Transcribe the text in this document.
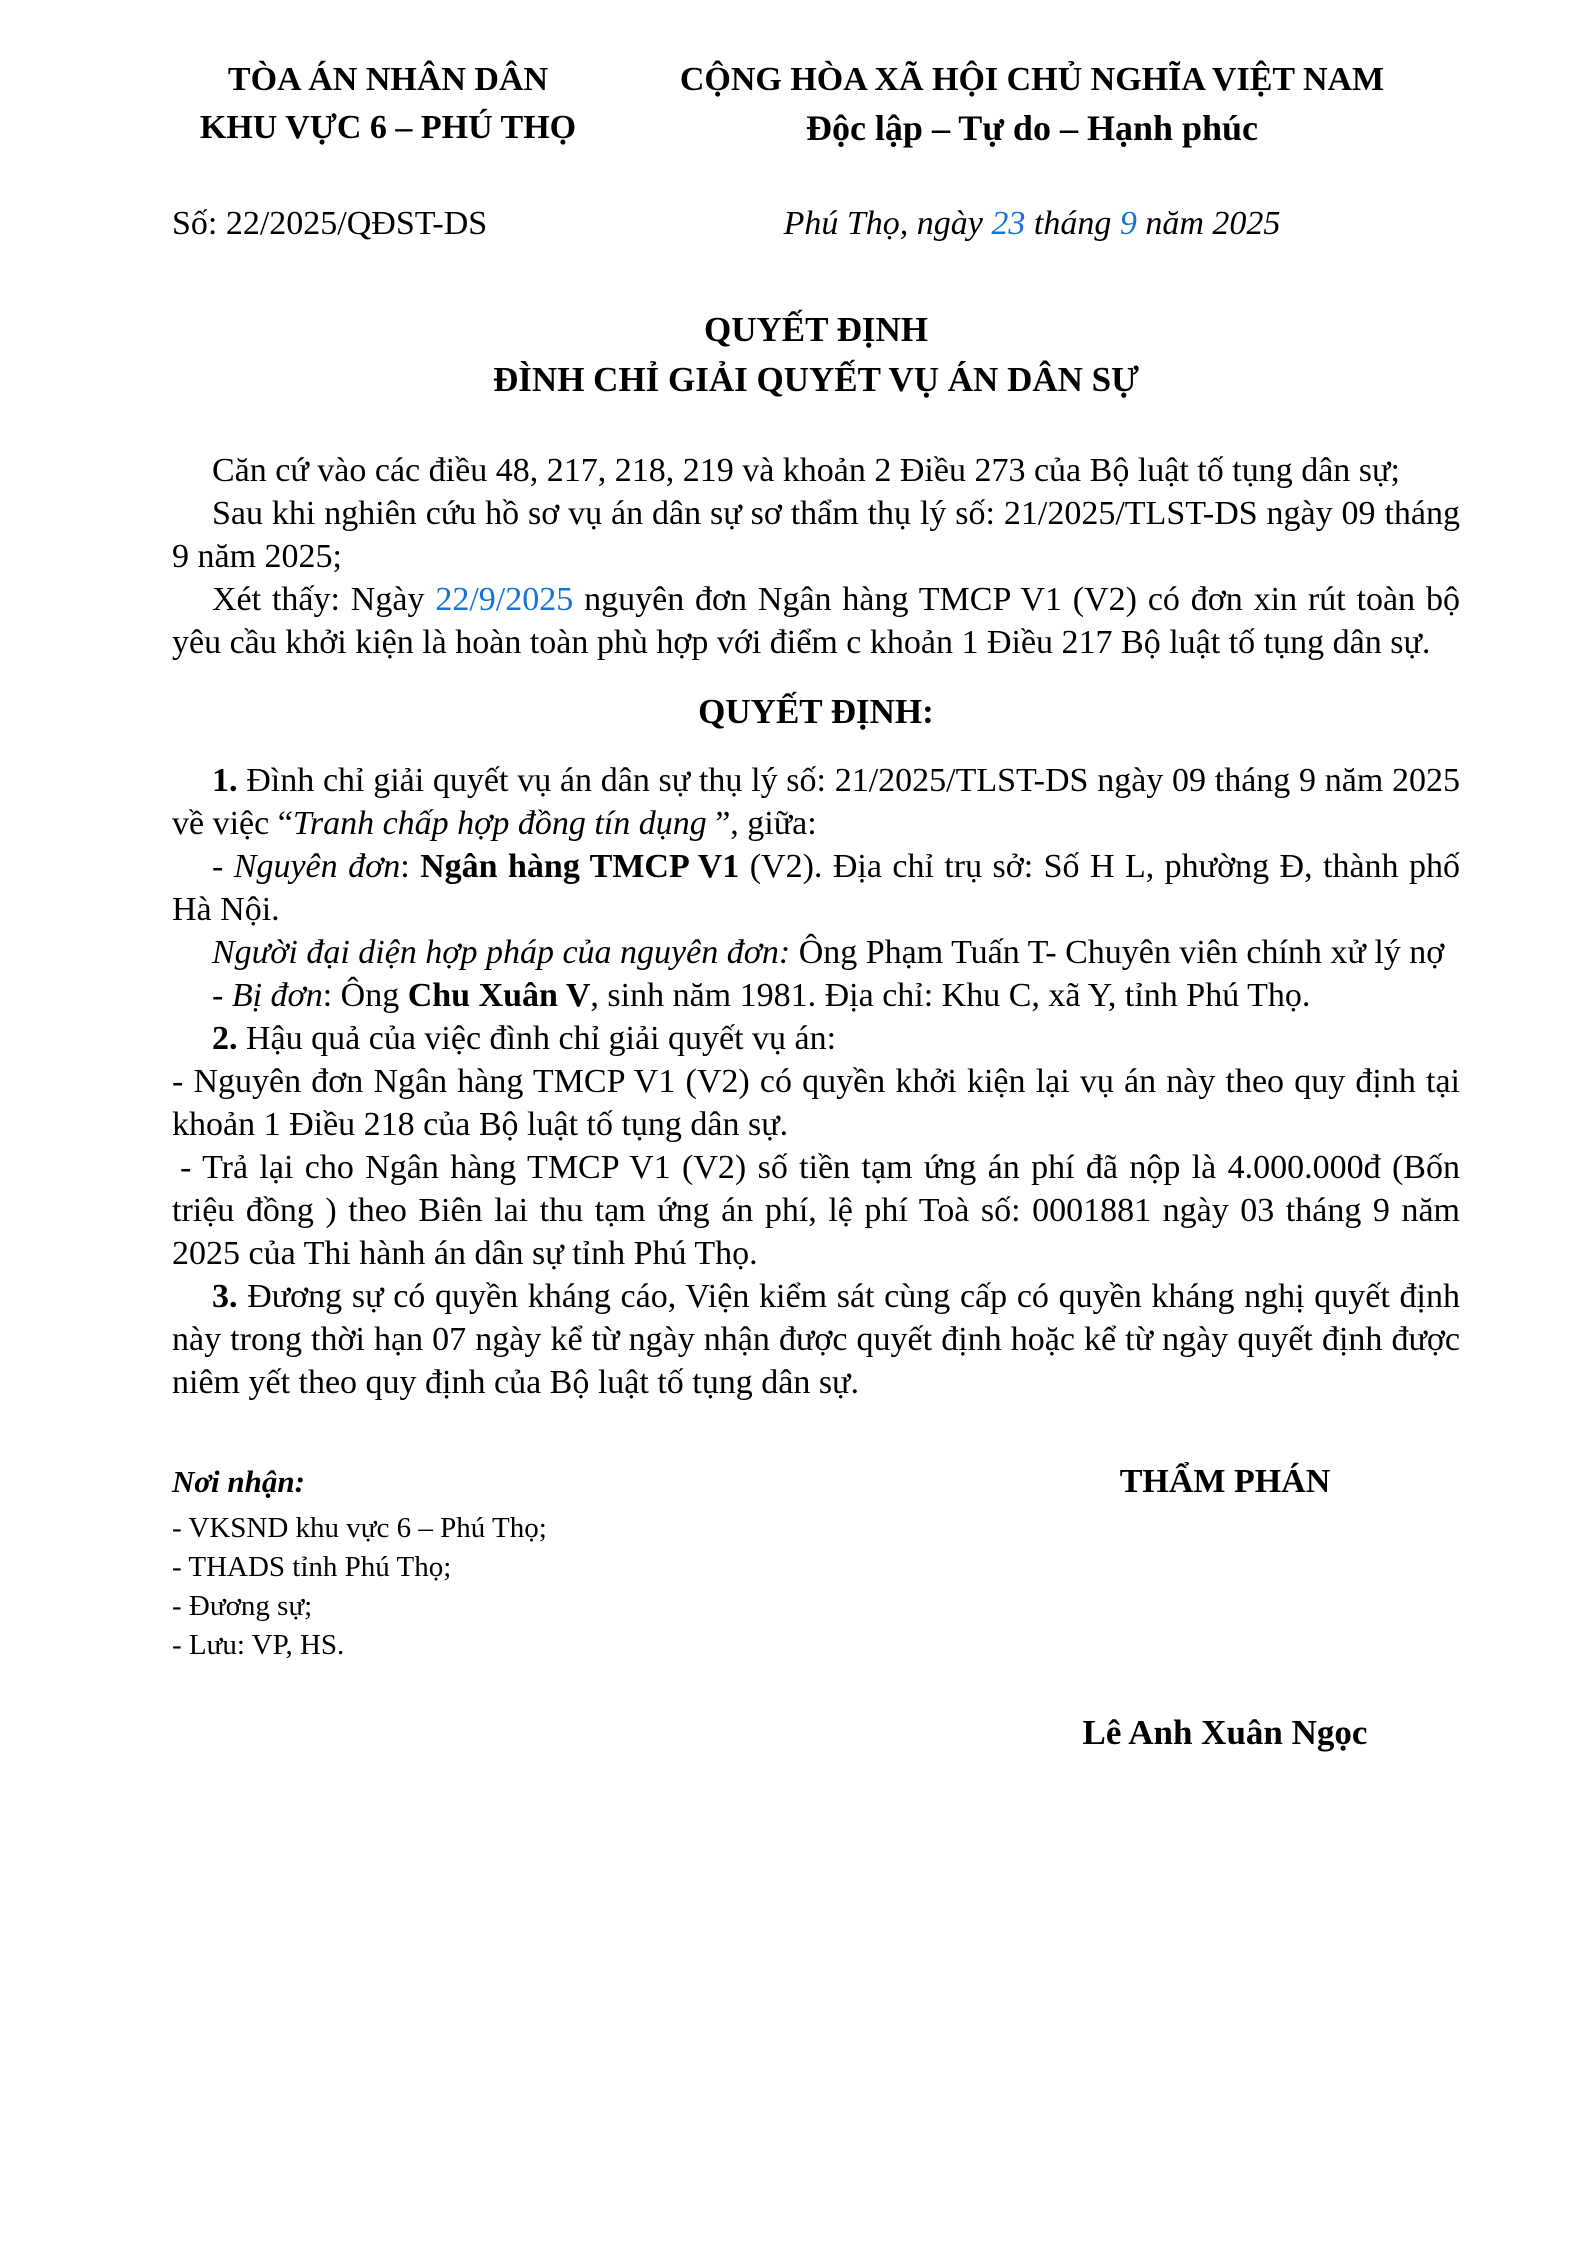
TÒA ÁN NHÂN DÂN
KHU VỰC 6 – PHÚ THỌ
CỘNG HÒA XÃ HỘI CHỦ NGHĨA VIỆT NAM
Độc lập – Tự do – Hạnh phúc
Số: 22/2025/QĐST-DS	Phú Thọ, ngày 23 tháng 9 năm 2025
QUYẾT ĐỊNH
ĐÌNH CHỈ GIẢI QUYẾT VỤ ÁN DÂN SỰ
Căn cứ vào các điều 48, 217, 218, 219 và khoản 2 Điều 273 của Bộ luật tố tụng dân sự;
Sau khi nghiên cứu hồ sơ vụ án dân sự sơ thẩm thụ lý số: 21/2025/TLST-DS ngày 09 tháng 9 năm 2025;
Xét thấy: Ngày 22/9/2025 nguyên đơn Ngân hàng TMCP V1 (V2) có đơn xin rút toàn bộ yêu cầu khởi kiện là hoàn toàn phù hợp với điểm c khoản 1 Điều 217 Bộ luật tố tụng dân sự.
QUYẾT ĐỊNH:
1. Đình chỉ giải quyết vụ án dân sự thụ lý số: 21/2025/TLST-DS ngày 09 tháng 9 năm 2025 về việc “Tranh chấp hợp đồng tín dụng ”, giữa:
- Nguyên đơn: Ngân hàng TMCP V1 (V2). Địa chỉ trụ sở: Số H L, phường Đ, thành phố Hà Nội.
Người đại diện hợp pháp của nguyên đơn: Ông Phạm Tuấn T- Chuyên viên chính xử lý nợ
- Bị đơn: Ông Chu Xuân V, sinh năm 1981. Địa chỉ: Khu C, xã Y, tỉnh Phú Thọ.
2. Hậu quả của việc đình chỉ giải quyết vụ án:
- Nguyên đơn Ngân hàng TMCP V1 (V2) có quyền khởi kiện lại vụ án này theo quy định tại khoản 1 Điều 218 của Bộ luật tố tụng dân sự.
- Trả lại cho Ngân hàng TMCP V1 (V2) số tiền tạm ứng án phí đã nộp là 4.000.000đ (Bốn triệu đồng ) theo Biên lai thu tạm ứng án phí, lệ phí Toà số: 0001881 ngày 03 tháng 9 năm 2025 của Thi hành án dân sự tỉnh Phú Thọ.
3. Đương sự có quyền kháng cáo, Viện kiểm sát cùng cấp có quyền kháng nghị quyết định này trong thời hạn 07 ngày kể từ ngày nhận được quyết định hoặc kể từ ngày quyết định được niêm yết theo quy định của Bộ luật tố tụng dân sự.
Nơi nhận:
- VKSND khu vực 6 – Phú Thọ;
- THADS tỉnh Phú Thọ;
- Đương sự;
- Lưu: VP, HS.
THẨM PHÁN
Lê Anh Xuân Ngọc
